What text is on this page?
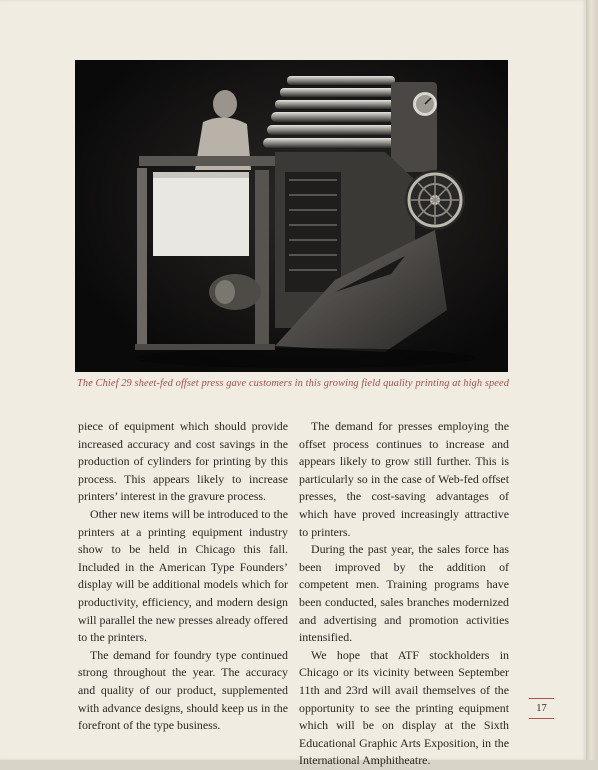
The Chief 29 sheet-fed offset press gave customers in this growing field quality printing at high speed

piece of equipment which should provide increased accuracy and cost savings in the production of cylinders for printing by this process. This appears likely to increase printers’ interest in the gravure process.

Other new items will be introduced to the printers at a printing equipment industry show to be held in Chicago this fall. Included in the American Type Founders’ display will be additional models which for productivity, efficiency, and modern design will parallel the new presses already offered to the printers.

The demand for foundry type continued strong throughout the year. The accuracy and quality of our product, supplemented with advance designs, should keep us in the forefront of the type business.

The demand for presses employing the offset process continues to increase and appears likely to grow still further. This is particularly so in the case of Web-fed offset presses, the cost-saving advantages of which have proved increasingly attractive to printers.

During the past year, the sales force has been improved by the addition of competent men. Training programs have been conducted, sales branches modernized and advertising and promotion activities intensified.

We hope that ATF stockholders in Chicago or its vicinity between September 11th and 23rd will avail themselves of the opportunity to see the printing equipment which will be on display at the Sixth Educational Graphic Arts Exposition, in the International Amphitheatre.

17
